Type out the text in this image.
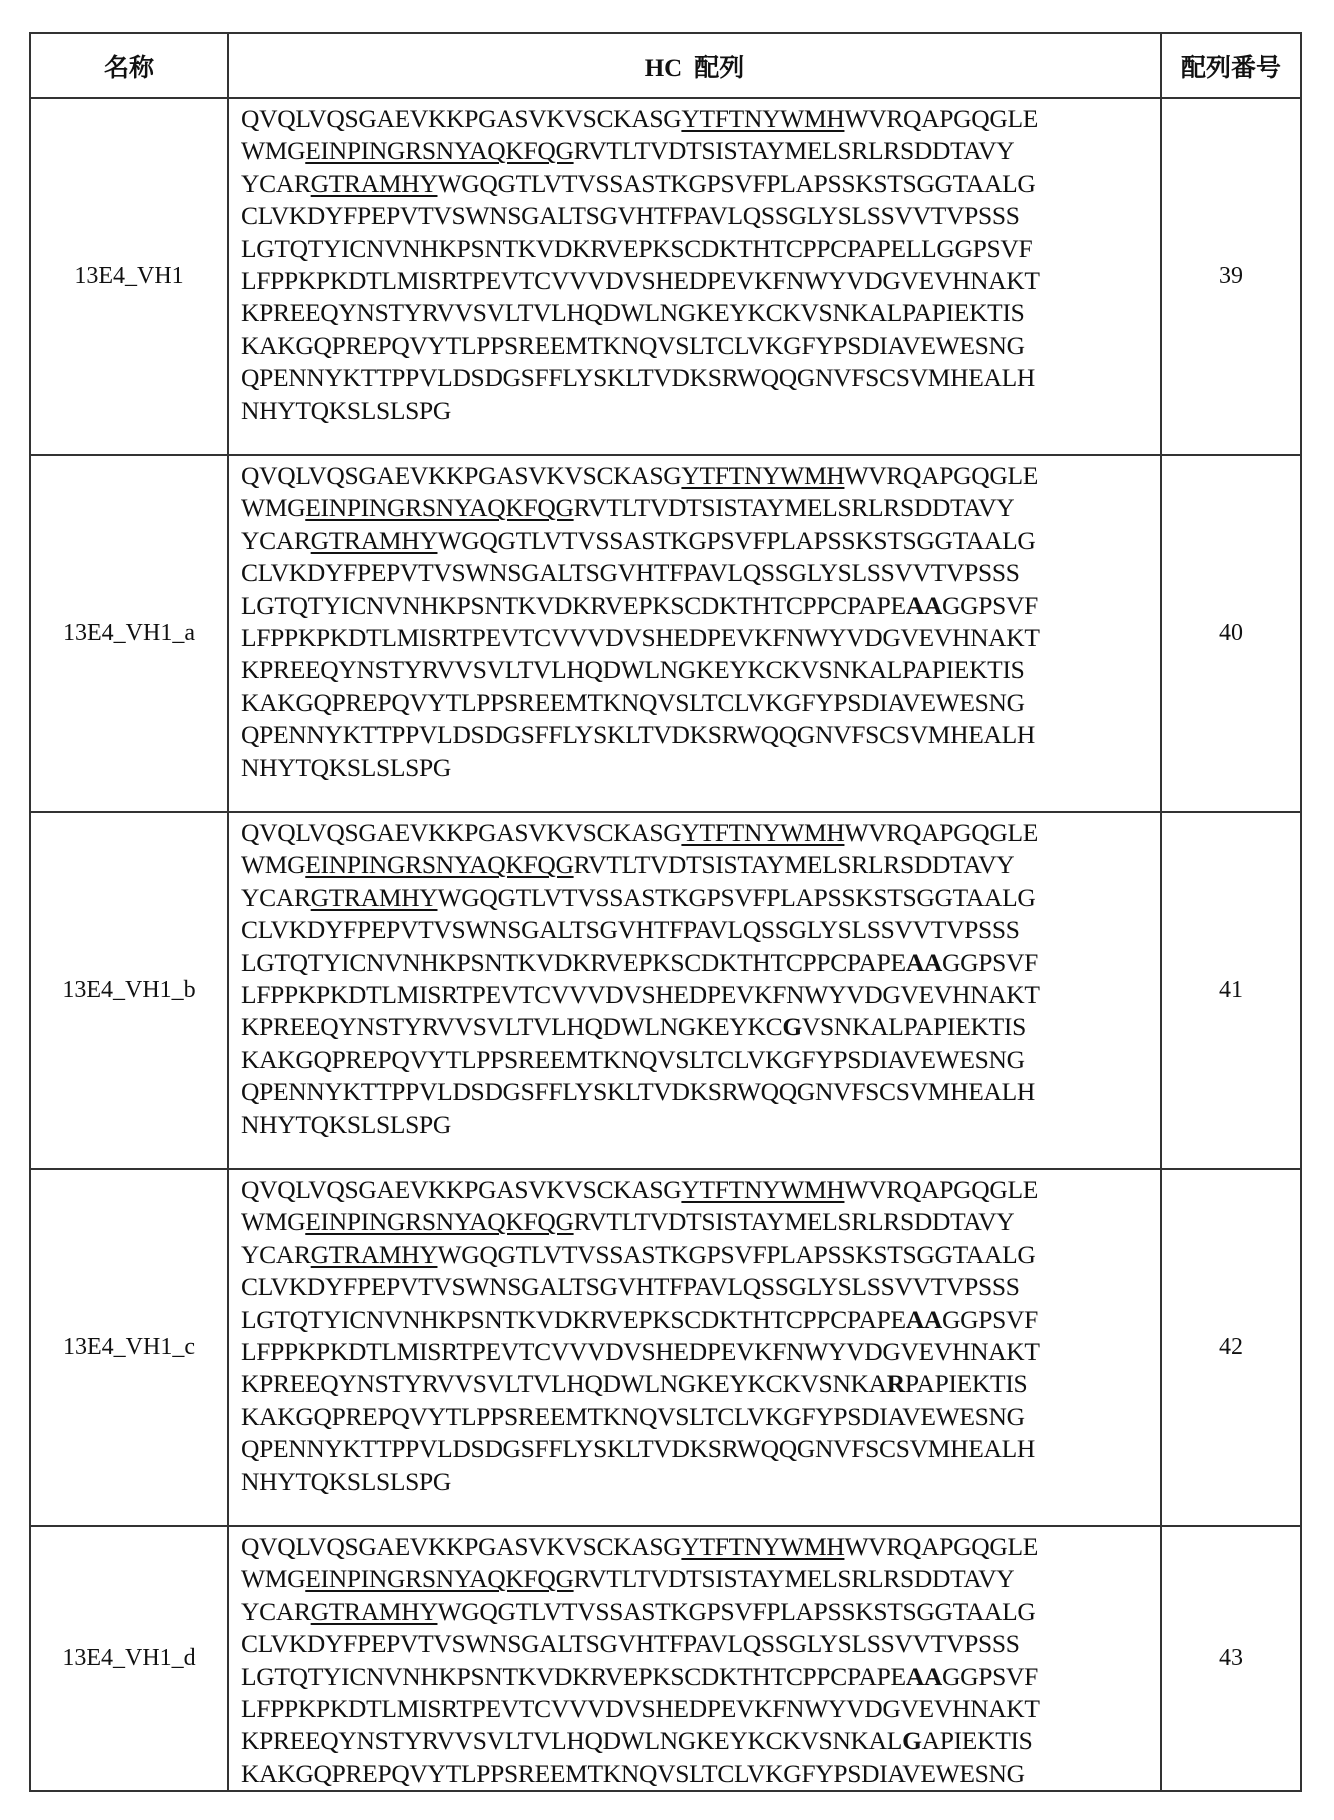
名称	HC 配列	配列番号
13E4_VH1	
QVQLVQSGAEVKKPGASVKVSCKASGYTFTNYWMHWVRQAPGQGLE
WMGEINPINGRSNYAQKFQGRVTLTVDTSISTAYMELSRLRSDDTAVY
YCARGTRAMHYWGQGTLVTVSSASTKGPSVFPLAPSSKSTSGGTAALG
CLVKDYFPEPVTVSWNSGALTSGVHTFPAVLQSSGLYSLSSVVTVPSSS
LGTQTYICNVNHKPSNTKVDKRVEPKSCDKTHTCPPCPAPELLGGPSVF
LFPPKPKDTLMISRTPEVTCVVVDVSHEDPEVKFNWYVDGVEVHNAKT
KPREEQYNSTYRVVSVLTVLHQDWLNGKEYKCKVSNKALPAPIEKTIS
KAKGQPREPQVYTLPPSREEMTKNQVSLTCLVKGFYPSDIAVEWESNG
QPENNYKTTPPVLDSDGSFFLYSKLTVDKSRWQQGNVFSCSVMHEALH
NHYTQKSLSLSPG
	39
13E4_VH1_a	
QVQLVQSGAEVKKPGASVKVSCKASGYTFTNYWMHWVRQAPGQGLE
WMGEINPINGRSNYAQKFQGRVTLTVDTSISTAYMELSRLRSDDTAVY
YCARGTRAMHYWGQGTLVTVSSASTKGPSVFPLAPSSKSTSGGTAALG
CLVKDYFPEPVTVSWNSGALTSGVHTFPAVLQSSGLYSLSSVVTVPSSS
LGTQTYICNVNHKPSNTKVDKRVEPKSCDKTHTCPPCPAPEAAGGPSVF
LFPPKPKDTLMISRTPEVTCVVVDVSHEDPEVKFNWYVDGVEVHNAKT
KPREEQYNSTYRVVSVLTVLHQDWLNGKEYKCKVSNKALPAPIEKTIS
KAKGQPREPQVYTLPPSREEMTKNQVSLTCLVKGFYPSDIAVEWESNG
QPENNYKTTPPVLDSDGSFFLYSKLTVDKSRWQQGNVFSCSVMHEALH
NHYTQKSLSLSPG
	40
13E4_VH1_b	
QVQLVQSGAEVKKPGASVKVSCKASGYTFTNYWMHWVRQAPGQGLE
WMGEINPINGRSNYAQKFQGRVTLTVDTSISTAYMELSRLRSDDTAVY
YCARGTRAMHYWGQGTLVTVSSASTKGPSVFPLAPSSKSTSGGTAALG
CLVKDYFPEPVTVSWNSGALTSGVHTFPAVLQSSGLYSLSSVVTVPSSS
LGTQTYICNVNHKPSNTKVDKRVEPKSCDKTHTCPPCPAPEAAGGPSVF
LFPPKPKDTLMISRTPEVTCVVVDVSHEDPEVKFNWYVDGVEVHNAKT
KPREEQYNSTYRVVSVLTVLHQDWLNGKEYKCGVSNKALPAPIEKTIS
KAKGQPREPQVYTLPPSREEMTKNQVSLTCLVKGFYPSDIAVEWESNG
QPENNYKTTPPVLDSDGSFFLYSKLTVDKSRWQQGNVFSCSVMHEALH
NHYTQKSLSLSPG
	41
13E4_VH1_c	
QVQLVQSGAEVKKPGASVKVSCKASGYTFTNYWMHWVRQAPGQGLE
WMGEINPINGRSNYAQKFQGRVTLTVDTSISTAYMELSRLRSDDTAVY
YCARGTRAMHYWGQGTLVTVSSASTKGPSVFPLAPSSKSTSGGTAALG
CLVKDYFPEPVTVSWNSGALTSGVHTFPAVLQSSGLYSLSSVVTVPSSS
LGTQTYICNVNHKPSNTKVDKRVEPKSCDKTHTCPPCPAPEAAGGPSVF
LFPPKPKDTLMISRTPEVTCVVVDVSHEDPEVKFNWYVDGVEVHNAKT
KPREEQYNSTYRVVSVLTVLHQDWLNGKEYKCKVSNKARPAPIEKTIS
KAKGQPREPQVYTLPPSREEMTKNQVSLTCLVKGFYPSDIAVEWESNG
QPENNYKTTPPVLDSDGSFFLYSKLTVDKSRWQQGNVFSCSVMHEALH
NHYTQKSLSLSPG
	42
13E4_VH1_d	
QVQLVQSGAEVKKPGASVKVSCKASGYTFTNYWMHWVRQAPGQGLE
WMGEINPINGRSNYAQKFQGRVTLTVDTSISTAYMELSRLRSDDTAVY
YCARGTRAMHYWGQGTLVTVSSASTKGPSVFPLAPSSKSTSGGTAALG
CLVKDYFPEPVTVSWNSGALTSGVHTFPAVLQSSGLYSLSSVVTVPSSS
LGTQTYICNVNHKPSNTKVDKRVEPKSCDKTHTCPPCPAPEAAGGPSVF
LFPPKPKDTLMISRTPEVTCVVVDVSHEDPEVKFNWYVDGVEVHNAKT
KPREEQYNSTYRVVSVLTVLHQDWLNGKEYKCKVSNKALGAPIEKTIS
KAKGQPREPQVYTLPPSREEMTKNQVSLTCLVKGFYPSDIAVEWESNG
	43
